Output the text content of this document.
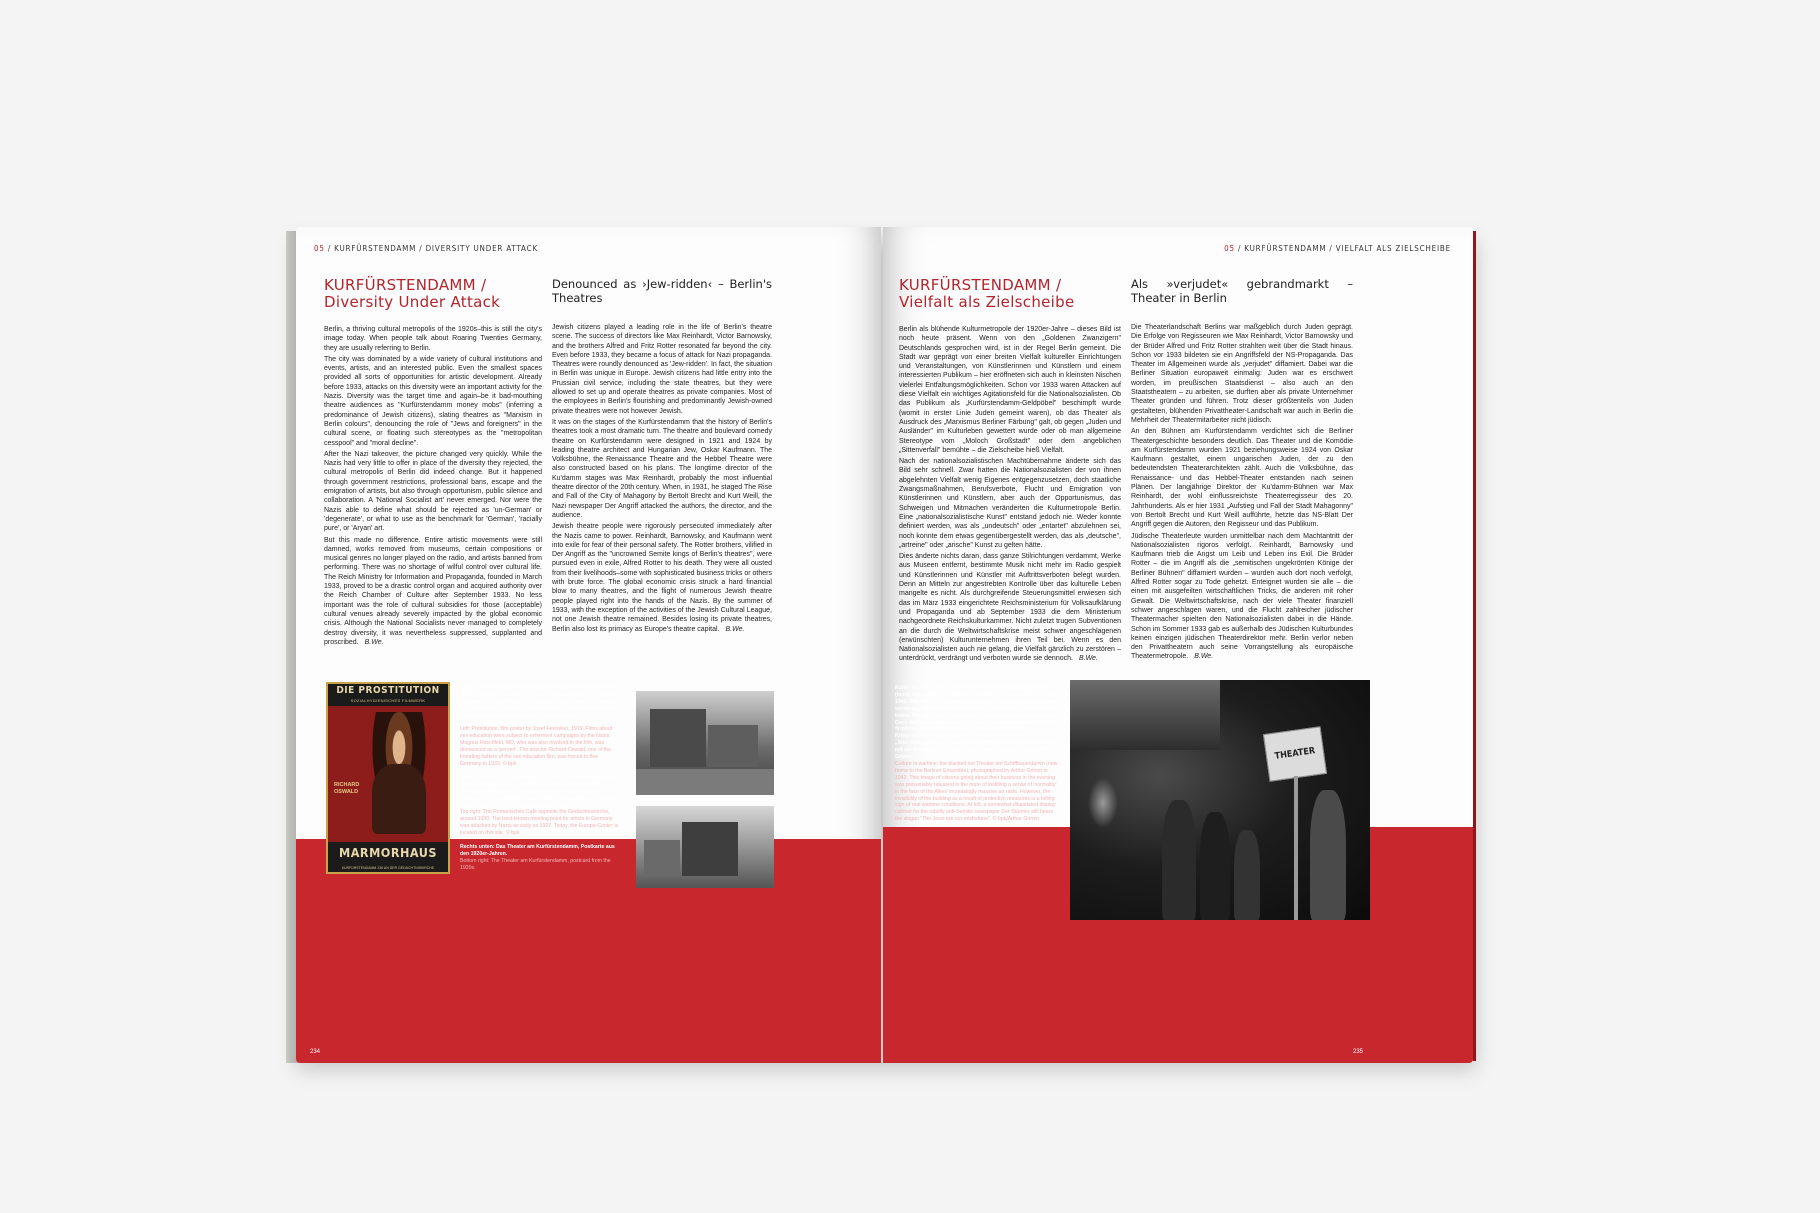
05 / KURFÜRSTENDAMM / DIVERSITY UNDER ATTACK
KURFÜRSTENDAMM /
Diversity Under Attack

Berlin, a thriving cultural metropolis of the 1920s–this is still the city's image today. When people talk about Roaring Twenties Germany, they are usually referring to Berlin.

The city was dominated by a wide variety of cultural institutions and events, artists, and an interested public. Even the smallest spaces provided all sorts of opportunities for artistic development. Already before 1933, attacks on this diversity were an important activity for the Nazis. Diversity was the target time and again–be it bad-mouthing theatre audiences as "Kurfürstendamm money mobs" (inferring a predominance of Jewish citizens), slating theatres as "Marxism in Berlin colours", denouncing the role of "Jews and foreigners" in the cultural scene, or floating such stereotypes as the "metropolitan cesspool" and "moral decline".

After the Nazi takeover, the picture changed very quickly. While the Nazis had very little to offer in place of the diversity they rejected, the cultural metropolis of Berlin did indeed change. But it happened through government restrictions, professional bans, escape and the emigration of artists, but also through opportunism, public silence and collaboration. A 'National Socialist art' never emerged. Nor were the Nazis able to define what should be rejected as 'un-German' or 'degenerate', or what to use as the benchmark for 'German', 'racially pure', or 'Aryan' art.

But this made no difference. Entire artistic movements were still damned, works removed from museums, certain compositions or musical genres no longer played on the radio, and artists banned from performing. There was no shortage of wilful control over cultural life. The Reich Ministry for Information and Propaganda, founded in March 1933, proved to be a drastic control organ and acquired authority over the Reich Chamber of Culture after September 1933. No less important was the role of cultural subsidies for those (acceptable) cultural venues already severely impacted by the global economic crisis. Although the National Socialists never managed to completely destroy diversity, it was nevertheless suppressed, supplanted and proscribed. B.We.

Denounced as ›Jew-ridden‹ – Berlin's Theatres

Jewish citizens played a leading role in the life of Berlin's theatre scene. The success of directors like Max Reinhardt, Victor Barnowsky, and the brothers Alfred and Fritz Rotter resonated far beyond the city. Even before 1933, they became a focus of attack for Nazi propaganda. Theatres were roundly denounced as 'Jew-ridden'. In fact, the situation in Berlin was unique in Europe. Jewish citizens had little entry into the Prussian civil service, including the state theatres, but they were allowed to set up and operate theatres as private companies. Most of the employees in Berlin's flourishing and predominantly Jewish-owned private theatres were not however Jewish.

It was on the stages of the Kurfürstendamm that the history of Berlin's theatres took a most dramatic turn. The theatre and boulevard comedy theatre on Kurfürstendamm were designed in 1921 and 1924 by leading theatre architect and Hungarian Jew, Oskar Kaufmann. The Volksbühne, the Renaissance Theatre and the Hebbel Theatre were also constructed based on his plans. The longtime director of the Ku'damm stages was Max Reinhardt, probably the most influential theatre director of the 20th century. When, in 1931, he staged The Rise and Fall of the City of Mahagony by Bertolt Brecht and Kurt Weill, the Nazi newspaper Der Angriff attacked the authors, the director, and the audience.

Jewish theatre people were rigorously persecuted immediately after the Nazis came to power. Reinhardt, Barnowsky, and Kaufmann went into exile for fear of their personal safety. The Rotter brothers, vilified in Der Angriff as the "uncrowned Semite kings of Berlin's theatres", were pursued even in exile, Alfred Rotter to his death. They were all ousted from their livelihoods–some with sophisticated business tricks or others with brute force. The global economic crisis struck a hard financial blow to many theatres, and the flight of numerous Jewish theatre people played right into the hands of the Nazis. By the summer of 1933, with the exception of the activities of the Jewish Cultural League, not one Jewish theatre remained. Besides losing its private theatres, Berlin also lost its primacy as Europe's theatre capital. B.We.

234
DIE PROSTITUTION
SOZIALHYGIENISCHES FILMWERK
RICHARD OSWALD
MARMORHAUS
KURFÜRSTENDAMM 236 AN DER GEDÄCHTNISKIRCHE

Links: „Die Prostitution", Filmplakat von Josef Fenneker, 1919. Aufklärungsfilme wurden von den Nationalsozialisten vehement bekämpft. Der Arzt Magnus Hirschfeld, der an dem Film beteiligt war, wurde als „Perverser" verunglimpft. Der Regisseur Richard Oswald, einer der maßgeblichen Begründer des Aufklärungsfilms, musste 1933 fliehen. © bpk
Left: Prostitution, film poster by Josef Fenneker, 1919. Films about sex education were subject to vehement campaigns by the Nazis. Magnus Hirschfeld, MD, who was also involved in the film, was denounced as a 'pervert'. The director Richard Oswald, one of the founding fathers of the sex education film, was forced to flee Germany in 1933. © bpk

Rechts oben: Das Romanische Café (mit Glasüberdachung) an der Gedächtniskirche, um 1930. Es war der bedeutendste Künstlertreffpunkt des Deutschen Reiches und schon 1927 erstmals Ziel von Angriffen durch Nationalsozialisten. An seiner Stelle steht heute das Europa-Center. © bpk
Top right: The Romanisches Café opposite the Gedächtniskirche, around 1930. The best-known meeting point for artists in Germany was attacked by Nazis as early as 1927. Today, the Europa-Center is located on this site. © bpk

Rechts unten: Das Theater am Kurfürstendamm, Postkarte aus den 1920er-Jahren.
Bottom right: The Theater am Kurfürstendamm, postcard from the 1920s.

05 / KURFÜRSTENDAMM / VIELFALT ALS ZIELSCHEIBE
KURFÜRSTENDAMM /
Vielfalt als Zielscheibe

Berlin als blühende Kulturmetropole der 1920er-Jahre – dieses Bild ist noch heute präsent. Wenn von den „Goldenen Zwanzigern" Deutschlands gesprochen wird, ist in der Regel Berlin gemeint. Die Stadt war geprägt von einer breiten Vielfalt kultureller Einrichtungen und Veranstaltungen, von Künstlerinnen und Künstlern und einem interessierten Publikum – hier eröffneten sich auch in kleinsten Nischen vielerlei Entfaltungsmöglichkeiten. Schon vor 1933 waren Attacken auf diese Vielfalt ein wichtiges Agitationsfeld für die Nationalsozialisten. Ob das Publikum als „Kurfürstendamm-Geldpöbel" beschimpft wurde (womit in erster Linie Juden gemeint waren), ob das Theater als Ausdruck des „Marxismus Berliner Färbung" galt, ob gegen „Juden und Ausländer" im Kulturleben gewettert wurde oder ob man allgemeine Stereotype vom „Moloch Großstadt" oder dem angeblichen „Sittenverfall" bemühte – die Zielscheibe hieß Vielfalt.

Nach der nationalsozialistischen Machtübernahme änderte sich das Bild sehr schnell. Zwar hatten die Nationalsozialisten der von ihnen abgelehnten Vielfalt wenig Eigenes entgegenzusetzen, doch staatliche Zwangsmaßnahmen, Berufsverbote, Flucht und Emigration von Künstlerinnen und Künstlern, aber auch der Opportunismus, das Schweigen und Mitmachen veränderten die Kulturmetropole Berlin. Eine „nationalsozialistische Kunst" entstand jedoch nie. Weder konnte definiert werden, was als „undeutsch" oder „entartet" abzulehnen sei, noch konnte dem etwas gegenübergestellt werden, das als „deutsche", „artreine" oder „arische" Kunst zu gelten hätte.

Dies änderte nichts daran, dass ganze Stilrichtungen verdammt, Werke aus Museen entfernt, bestimmte Musik nicht mehr im Radio gespielt und Künstlerinnen und Künstler mit Auftrittsverboten belegt wurden. Denn an Mitteln zur angestrebten Kontrolle über das kulturelle Leben mangelte es nicht. Als durchgreifende Steuerungsmittel erwiesen sich das im März 1933 eingerichtete Reichsministerium für Volksaufklärung und Propaganda und ab September 1933 die dem Ministerium nachgeordnete Reichskulturkammer. Nicht zuletzt trugen Subventionen an die durch die Weltwirtschaftskrise meist schwer angeschlagenen (erwünschten) Kulturunternehmen ihren Teil bei. Wenn es den Nationalsozialisten auch nie gelang, die Vielfalt gänzlich zu zerstören – unterdrückt, verdrängt und verboten wurde sie dennoch. B.We.

Als »verjudet« gebrandmarkt – Theater in Berlin

Die Theaterlandschaft Berlins war maßgeblich durch Juden geprägt. Die Erfolge von Regisseuren wie Max Reinhardt, Victor Barnowsky und der Brüder Alfred und Fritz Rotter strahlten weit über die Stadt hinaus. Schon vor 1933 bildeten sie ein Angriffsfeld der NS-Propaganda. Das Theater im Allgemeinen wurde als „verjudet" diffamiert. Dabei war die Berliner Situation europaweit einmalig: Juden war es erschwert worden, im preußischen Staatsdienst – also auch an den Staatstheatern – zu arbeiten, sie durften aber als private Unternehmer Theater gründen und führen. Trotz dieser größtenteils von Juden gestalteten, blühenden Privattheater-Landschaft war auch in Berlin die Mehrheit der Theatermitarbeiter nicht jüdisch.

An den Bühnen am Kurfürstendamm verdichtet sich die Berliner Theatergeschichte besonders deutlich. Das Theater und die Komödie am Kurfürstendamm wurden 1921 beziehungsweise 1924 von Oskar Kaufmann gestaltet, einem ungarischen Juden, der zu den bedeutendsten Theaterarchitekten zählt. Auch die Volksbühne, das Renaissance- und das Hebbel-Theater entstanden nach seinen Plänen. Der langjährige Direktor der Ku'damm-Bühnen war Max Reinhardt, der wohl einflussreichste Theaterregisseur des 20. Jahrhunderts. Als er hier 1931 „Aufstieg und Fall der Stadt Mahagonny" von Bertolt Brecht und Kurt Weill aufführte, hetzte das NS-Blatt Der Angriff gegen die Autoren, den Regisseur und das Publikum.

Jüdische Theaterleute wurden unmittelbar nach dem Machtantritt der Nationalsozialisten rigoros verfolgt. Reinhardt, Barnowsky und Kaufmann trieb die Angst um Leib und Leben ins Exil. Die Brüder Rotter – die im Angriff als die „semitischen ungekrönten Könige der Berliner Bühnen" diffamiert wurden – wurden auch dort noch verfolgt, Alfred Rotter sogar zu Tode gehetzt. Enteignet wurden sie alle – die einen mit ausgefeilten wirtschaftlichen Tricks, die anderen mit roher Gewalt. Die Weltwirtschaftskrise, nach der viele Theater finanziell schwer angeschlagen waren, und die Flucht zahlreicher jüdischer Theatermacher spielten den Nationalsozialisten dabei in die Hände. Schon im Sommer 1933 gab es außerhalb des Jüdischen Kulturbundes keinen einzigen jüdischen Theaterdirektor mehr. Berlin verlor neben den Privattheatern auch seine Vorrangstellung als europäische Theatermetropole. B.We.

235

Kultur im Krieg: Das verdunkelte Theater am Schiffbauerdamm (heute Spielstätte des Berliner Ensemble), Foto von Arthur Grimm, 1942. Das Foto war sicher dazu gedacht, angesichts der massiver werdenden alliierten Bombardements „Normalität" zu suggerieren, indem Menschen beim abendlichen Ausgehen abgelichtet wurden. Dass das Haus, welches seit 1938 als „Schiffbauerdamm-Theater" firmierte, gar nicht sichtbar ist, zeigt aber deutlich die Kriegssituation. Links im Bild ein etwas verwahrloster „Stürmerkasten" des brachial-antisemitischen Blattes Der Stürmer mit der Aufschrift „Die Juden sind unser Unglück". © bpk/Arthur Grimm
Culture in wartime: the blacked out Theater am Schiffbauerdamm (now home to the Berliner Ensemble), photographed by Arthur Grimm in 1942. This image of citizens going about their business in the evening was presumably released in the hope of instilling a sense of 'normality' in the face of the Allies' increasingly massive air raids. However, the invisibility of the building as a result of protective measures is a telling sign of real wartime conditions. At left, a somewhat dilapidated display cabinet for the rabidly anti-Semitic newspaper Der Stürmer still bears the slogan "The Jews are our misfortune". © bpk/Arthur Grimm

THEATER
